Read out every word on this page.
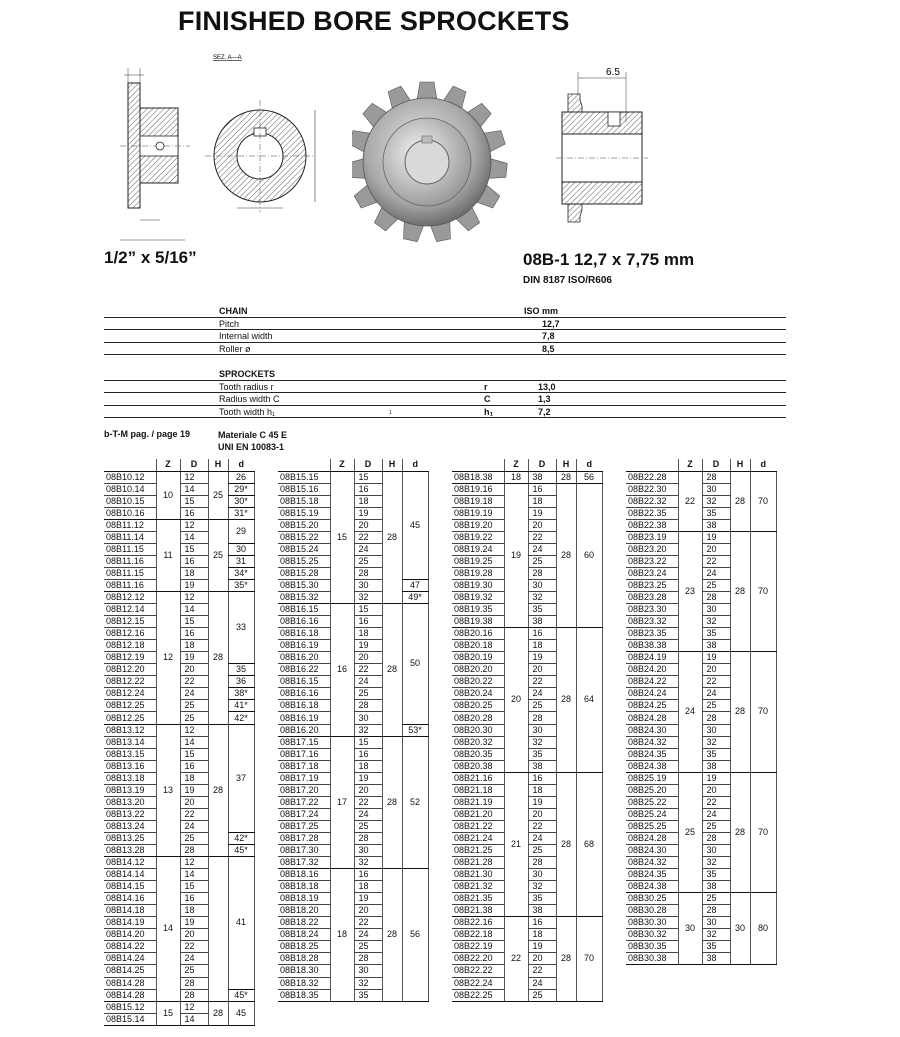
FINISHED BORE SPROCKETS
SEZ. A—A
6.5
1/2” x 5/16”	08B-1 12,7 x 7,75 mm
DIN 8187 ISO/R606
CHAIN	ISO mm
Pitch	12,7
Internal width	7,8
Roller ø	8,5
SPROCKETS
Tooth radius r	r	13,0
Radius width C	C	1,3
Tooth width h₁	1	h₁	7,2
b-T-M pag. / page 19	Materiale C 45 E
UNI EN 10083-1
	Z	D	H	d
08B10.12	10	12	25	26
08B10.14		14		29*
08B10.15		15		30*
08B10.16		16		31*
08B11.12	11	12	25	29
08B11.14		14		
08B11.15		15		30
08B11.16		16		31
08B11.15		18		34*
08B11.16		19		35*
08B12.12	12	12	28	33
08B12.14		14		
08B12.15		15		
08B12.16		16		
08B12.18		18		
08B12.19		19		
08B12.20		20		35
08B12.22		22		36
08B12.24		24		38*
08B12.25		25		41*
08B12.25		25		42*
08B13.12	13	12	28	37
08B13.14		14		
08B13.15		15		
08B13.16		16		
08B13.18		18		
08B13.19		19		
08B13.20		20		
08B13.22		22		
08B13.24		24		
08B13.25		25		42*
08B13.28		28		45*
08B14.12	14	12		41
08B14.14		14		
08B14.15		15		
08B14.16		16		
08B14.18		18		
08B14.19		19		
08B14.20		20		
08B14.22		22		
08B14.24		24		
08B14.25		25		
08B14.28		28		
08B14.28		28		45*
08B15.12	15	12	28	45
08B15.14		14		
	Z	D	H	d
08B15.15	15	15	28	45
08B15.16		16		
08B15.18		18		
08B15.19		19		
08B15.20		20		
08B15.22		22		
08B15.24		24		
08B15.25		25		
08B15.28		28		
08B15.30		30		47
08B15.32		32		49*
08B16.15	16	15	28	50
08B16.16		16		
08B16.18		18		
08B16.19		19		
08B16.20		20		
08B16.22		22		
08B16.15		24		
08B16.16		25		
08B16.18		28		
08B16.19		30		
08B16.20		32		53*
08B17.15	17	15	28	52
08B17.16		16		
08B17.18		18		
08B17.19		19		
08B17.20		20		
08B17.22		22		
08B17.24		24		
08B17.25		25		
08B17.28		28		
08B17.30		30		
08B17.32		32		
08B18.16	18	16	28	56
08B18.18		18		
08B18.19		19		
08B18.20		20		
08B18.22		22		
08B18.24		24		
08B18.25		25		
08B18.28		28		
08B18.30		30		
08B18.32		32		
08B18.35		35		
	Z	D	H	d
08B18.38	18	38	28	56
08B19.16	19	16	28	60
08B19.18		18		
08B19.19		19		
08B19.20		20		
08B19.22		22		
08B19.24		24		
08B19.25		25		
08B19.28		28		
08B19.30		30		
08B19.32		32		
08B19.35		35		
08B19.38		38		
08B20.16	20	16	28	64
08B20.18		18		
08B20.19		19		
08B20.20		20		
08B20.22		22		
08B20.24		24		
08B20.25		25		
08B20.28		28		
08B20.30		30		
08B20.32		32		
08B20.35		35		
08B20.38		38		
08B21.16	21	16	28	68
08B21.18		18		
08B21.19		19		
08B21.20		20		
08B21.22		22		
08B21.24		24		
08B21.25		25		
08B21.28		28		
08B21.30		30		
08B21.32		32		
08B21.35		35		
08B21.38		38		
08B22.16	22	16	28	70
08B22.18		18		
08B22.19		19		
08B22.20		20		
08B22.22		22		
08B22.24		24		
08B22.25		25		
	Z	D	H	d
08B22.28	22	28	28	70
08B22.30		30		
08B22.32		32		
08B22.35		35		
08B22.38		38		
08B23.19	23	19	28	70
08B23.20		20		
08B23.22		22		
08B23.24		24		
08B23.25		25		
08B23.28		28		
08B23.30		30		
08B23.32		32		
08B23.35		35		
08B38.38		38		
08B24.19	24	19	28	70
08B24.20		20		
08B24.22		22		
08B24.24		24		
08B24.25		25		
08B24.28		28		
08B24.30		30		
08B24.32		32		
08B24.35		35		
08B24.38		38		
08B25.19	25	19	28	70
08B25.20		20		
08B25.22		22		
08B25.24		24		
08B25.25		25		
08B24.28		28		
08B24.30		30		
08B24.32		32		
08B24.35		35		
08B24.38		38		
08B30.25	30	25	30	80
08B30.28		28		
08B30.30		30		
08B30.32		32		
08B30.35		35		
08B30.38		38		
